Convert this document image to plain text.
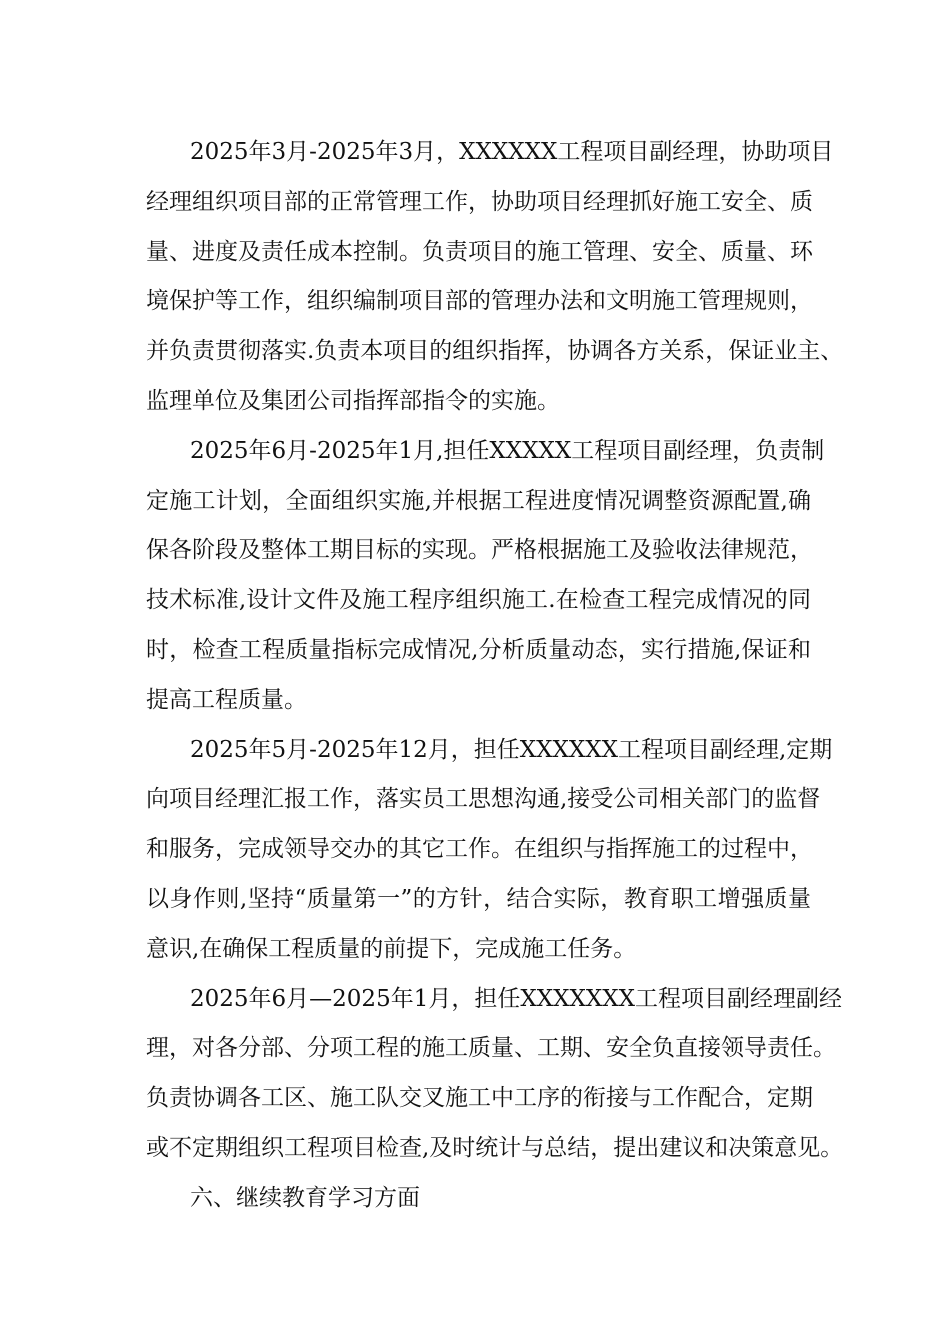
2025年3月-2025年3月，XXXXXX工程项目副经理，协助项目
经理组织项目部的正常管理工作，协助项目经理抓好施工安全、质
量、进度及责任成本控制。负责项目的施工管理、安全、质量、环
境保护等工作，组织编制项目部的管理办法和文明施工管理规则，
并负责贯彻落实.负责本项目的组织指挥，协调各方关系，保证业主、
监理单位及集团公司指挥部指令的实施。
2025年6月-2025年1月,担任XXXXX工程项目副经理，负责制
定施工计划，全面组织实施,并根据工程进度情况调整资源配置,确
保各阶段及整体工期目标的实现。严格根据施工及验收法律规范，
技术标准,设计文件及施工程序组织施工.在检查工程完成情况的同
时，检查工程质量指标完成情况,分析质量动态，实行措施,保证和
提高工程质量。
2025年5月-2025年12月，担任XXXXXX工程项目副经理,定期
向项目经理汇报工作，落实员工思想沟通,接受公司相关部门的监督
和服务，完成领导交办的其它工作。在组织与指挥施工的过程中，
以身作则,坚持“质量第一”的方针，结合实际，教育职工增强质量
意识,在确保工程质量的前提下，完成施工任务。
2025年6月—2025年1月，担任XXXXXXX工程项目副经理副经
理，对各分部、分项工程的施工质量、工期、安全负直接领导责任。
负责协调各工区、施工队交叉施工中工序的衔接与工作配合，定期
或不定期组织工程项目检查,及时统计与总结，提出建议和决策意见。
六、继续教育学习方面
